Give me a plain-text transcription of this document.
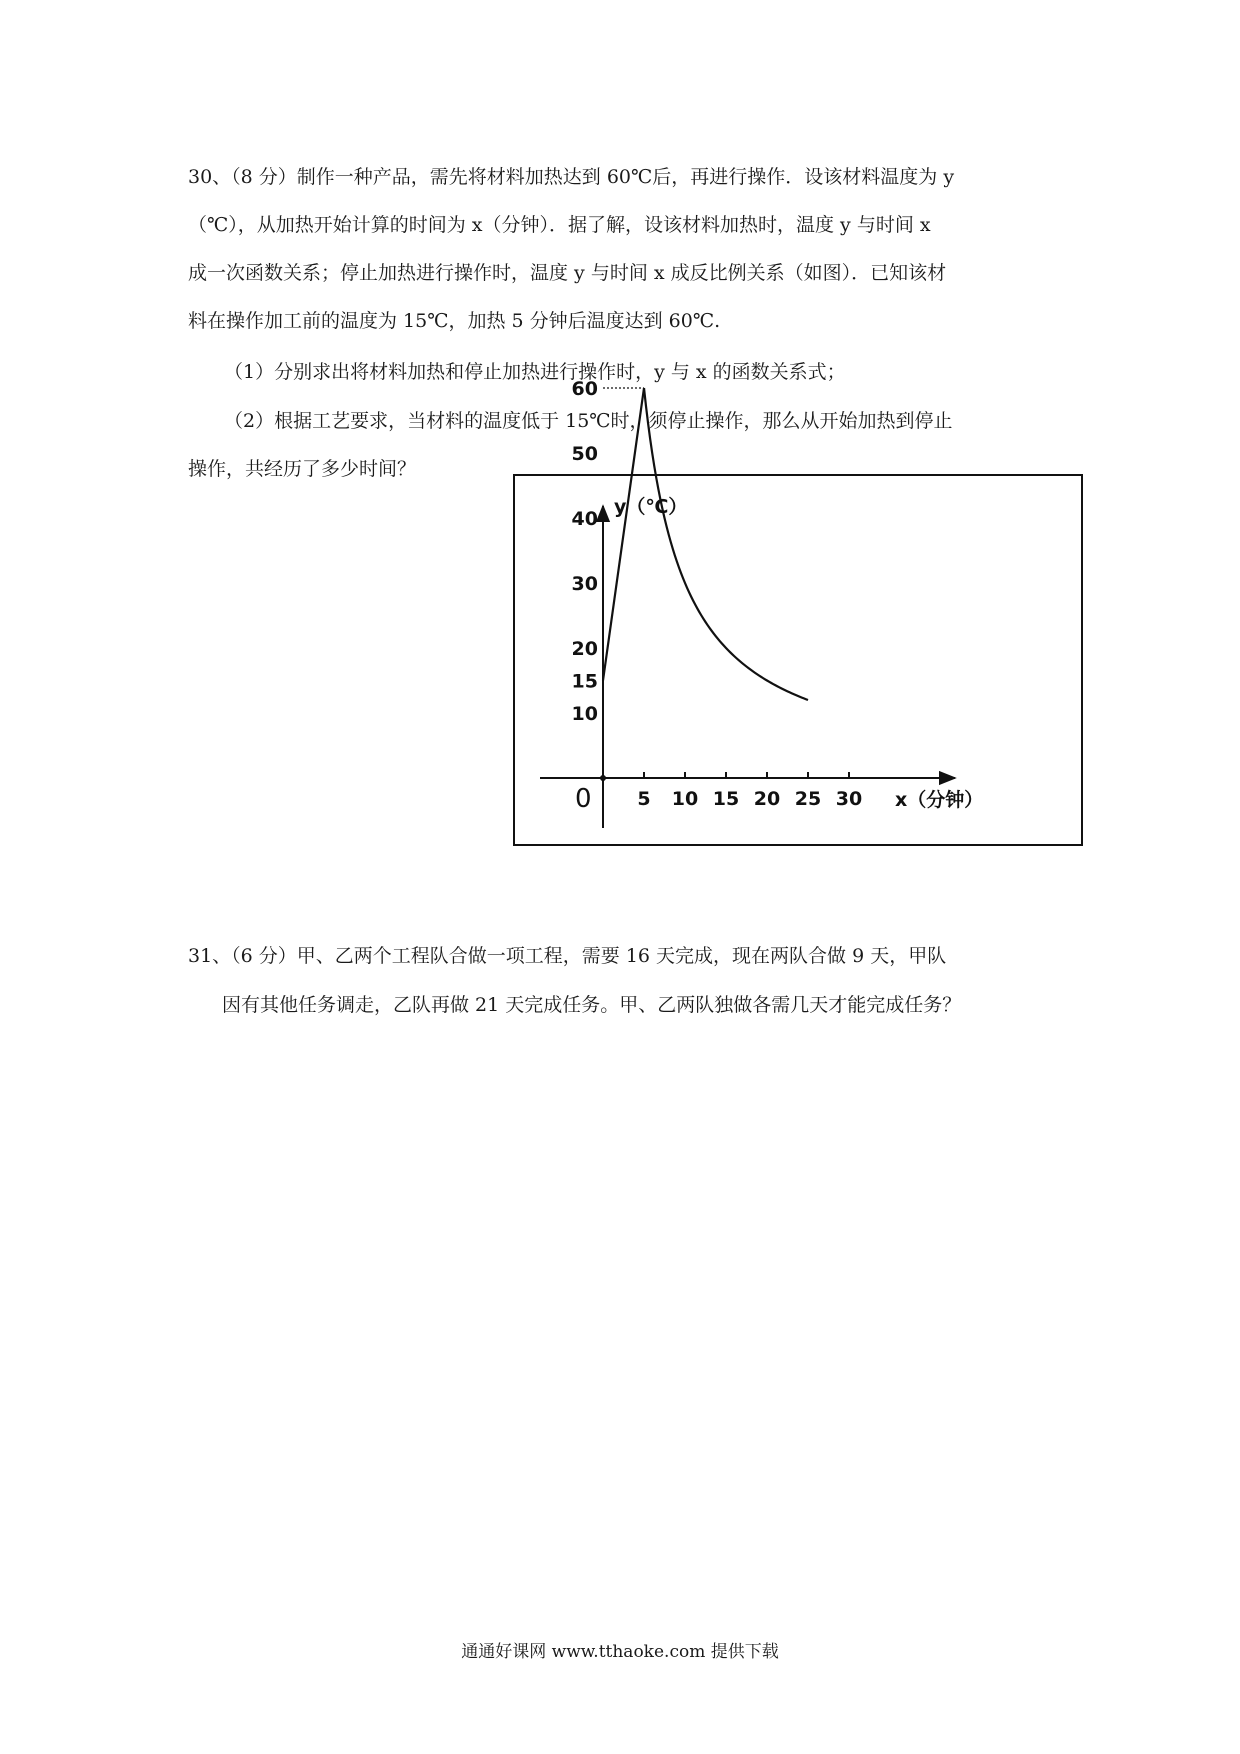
30、（8 分）制作一种产品，需先将材料加热达到 60℃后，再进行操作．设该材料温度为 y
（℃），从加热开始计算的时间为 x（分钟）．据了解，设该材料加热时，温度 y 与时间 x
成一次函数关系；停止加热进行操作时，温度 y 与时间 x 成反比例关系（如图）．已知该材
料在操作加工前的温度为 15℃，加热 5 分钟后温度达到 60℃.
（1）分别求出将材料加热和停止加热进行操作时，y 与 x 的函数关系式；
（2）根据工艺要求，当材料的温度低于 15℃时，须停止操作，那么从开始加热到停止
操作，共经历了多少时间？
y（℃）
x（分钟）
0 5 10 15 20 25 30
10
15
20
30
40
50
60
31、（6 分）甲、乙两个工程队合做一项工程，需要 16 天完成，现在两队合做 9 天，甲队
因有其他任务调走，乙队再做 21 天完成任务。甲、乙两队独做各需几天才能完成任务？
通通好课网 www.tthaoke.com 提供下载
